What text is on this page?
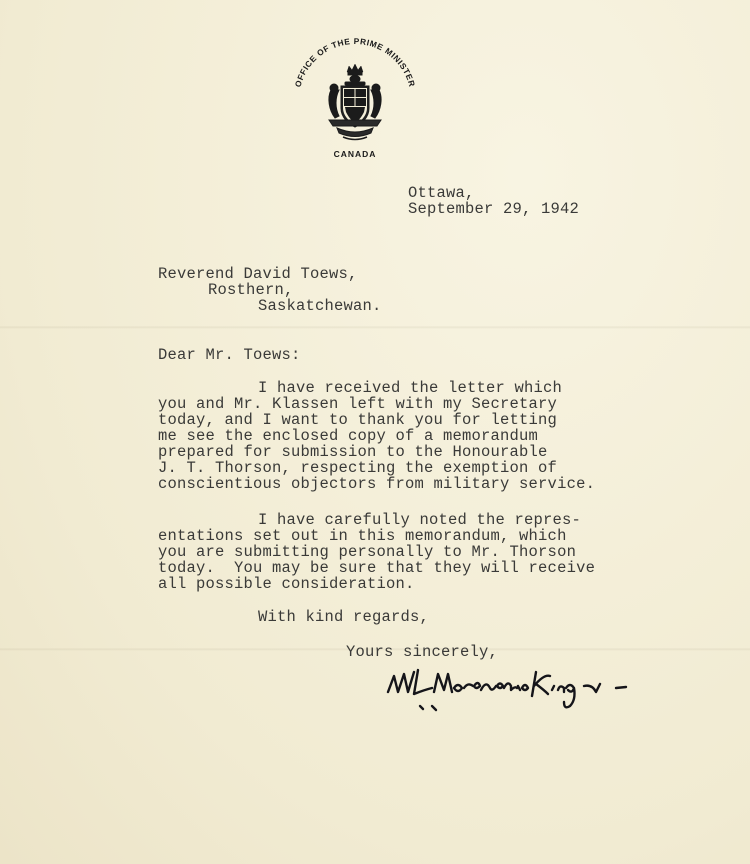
OFFICE OF THE PRIME MINISTER
CANADA
Ottawa,
September 29, 1942
Reverend David Toews,
Rosthern,
Saskatchewan.
Dear Mr. Toews:
I have received the letter which
you and Mr. Klassen left with my Secretary
today, and I want to thank you for letting
me see the enclosed copy of a memorandum
prepared for submission to the Honourable
J. T. Thorson, respecting the exemption of
conscientious objectors from military service.
I have carefully noted the repres-
entations set out in this memorandum, which
you are submitting personally to Mr. Thorson
today.  You may be sure that they will receive
all possible consideration.
With kind regards,
Yours sincerely,
